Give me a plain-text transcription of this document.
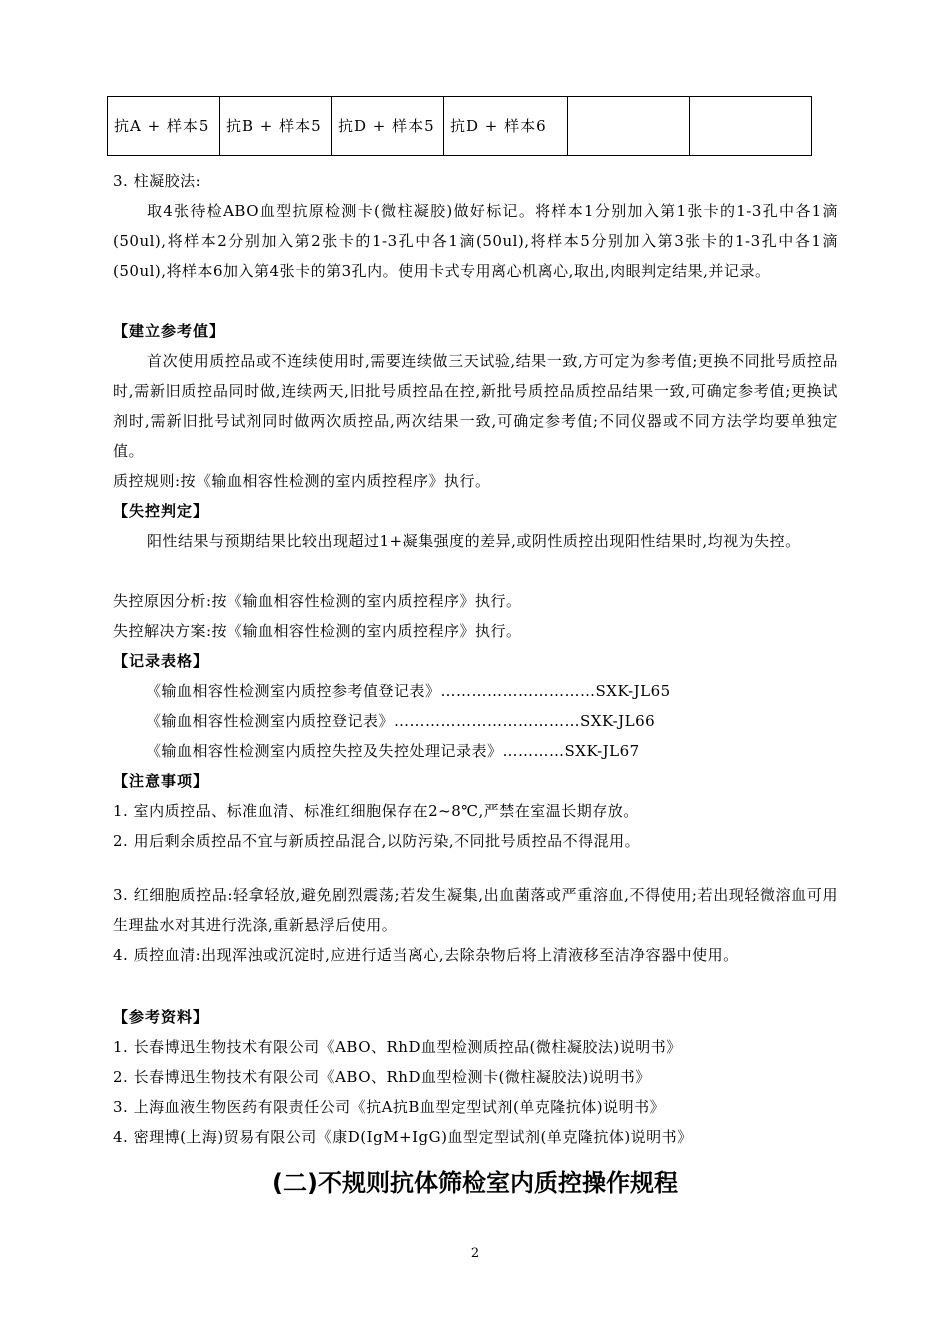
抗A + 样本5	抗B + 样本5	抗D + 样本5	抗D + 样本6		
3. 柱凝胶法:
取4张待检ABO血型抗原检测卡(微柱凝胶)做好标记。将样本1分别加入第1张卡的1-3孔中各1滴(50ul),将样本2分别加入第2张卡的1-3孔中各1滴(50ul),将样本5分别加入第3张卡的1-3孔中各1滴(50ul),将样本6加入第4张卡的第3孔内。使用卡式专用离心机离心,取出,肉眼判定结果,并记录。
【建立参考值】
首次使用质控品或不连续使用时,需要连续做三天试验,结果一致,方可定为参考值;更换不同批号质控品时,需新旧质控品同时做,连续两天,旧批号质控品在控,新批号质控品质控品结果一致,可确定参考值;更换试剂时,需新旧批号试剂同时做两次质控品,两次结果一致,可确定参考值;不同仪器或不同方法学均要单独定值。
质控规则:按《输血相容性检测的室内质控程序》执行。
【失控判定】
阳性结果与预期结果比较出现超过1+凝集强度的差异,或阴性质控出现阳性结果时,均视为失控。
失控原因分析:按《输血相容性检测的室内质控程序》执行。
失控解决方案:按《输血相容性检测的室内质控程序》执行。
【记录表格】
《输血相容性检测室内质控参考值登记表》…………………………SXK-JL65
《输血相容性检测室内质控登记表》………………………………SXK-JL66
《输血相容性检测室内质控失控及失控处理记录表》…………SXK-JL67
【注意事项】
1. 室内质控品、标准血清、标准红细胞保存在2~8℃,严禁在室温长期存放。
2. 用后剩余质控品不宜与新质控品混合,以防污染,不同批号质控品不得混用。
3. 红细胞质控品:轻拿轻放,避免剧烈震荡;若发生凝集,出血菌落或严重溶血,不得使用;若出现轻微溶血可用生理盐水对其进行洗涤,重新悬浮后使用。
4. 质控血清:出现浑浊或沉淀时,应进行适当离心,去除杂物后将上清液移至洁净容器中使用。
【参考资料】
1. 长春博迅生物技术有限公司《ABO、RhD血型检测质控品(微柱凝胶法)说明书》
2. 长春博迅生物技术有限公司《ABO、RhD血型检测卡(微柱凝胶法)说明书》
3. 上海血液生物医药有限责任公司《抗A抗B血型定型试剂(单克隆抗体)说明书》
4. 密理博(上海)贸易有限公司《康D(IgM+IgG)血型定型试剂(单克隆抗体)说明书》
(二)不规则抗体筛检室内质控操作规程
2
